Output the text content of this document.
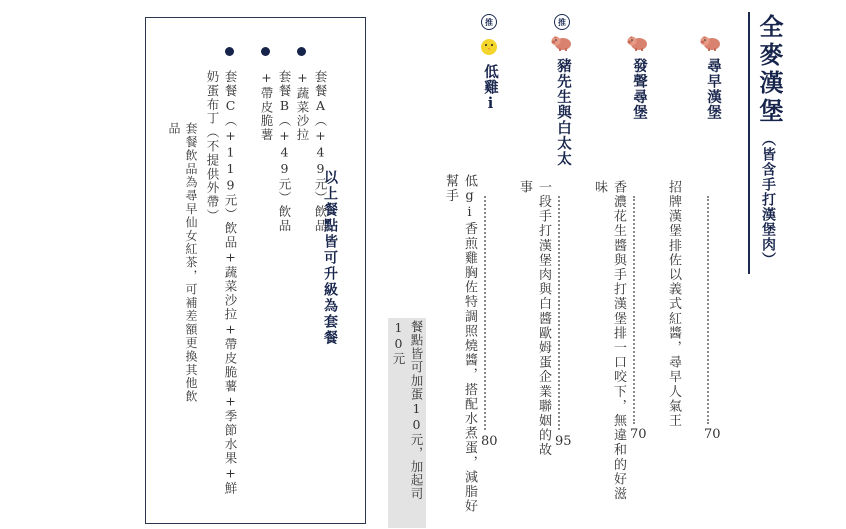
全麥漢堡
（皆含手打漢堡肉）
尋早漢堡
招牌漢堡排佐以義式紅醬，尋早人氣王
70
發聲尋堡
香濃花生醬與手打漢堡排一口咬下，無違和的好滋味
70
推
豬先生與白太太
一段手打漢堡肉與白醬歐姆蛋企業聯姻的故事
95
推
低雞i
低gi香煎雞胸佐特調照燒醬，搭配水煮蛋，減脂好幫手
80
餐點皆可加蛋10元，加起司10元
以上餐點皆可升級為套餐
套餐A（+49元）飲品+蔬菜沙拉
套餐B（+49元）飲品+帶皮脆薯
套餐C（+119元）飲品+蔬菜沙拉+帶皮脆薯+季節水果+鮮奶蛋布丁（不提供外帶）
套餐飲品為尋早仙女紅茶，可補差額更換其他飲品
